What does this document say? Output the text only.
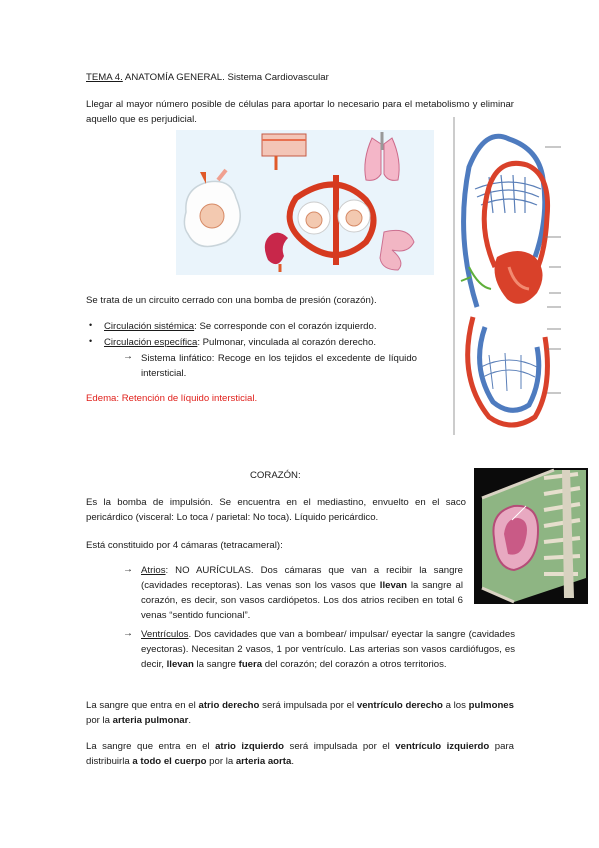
TEMA 4. ANATOMÍA GENERAL. Sistema Cardiovascular
Llegar al mayor número posible de células para aportar lo necesario para el metabolismo y eliminar aquello que es perjudicial.
Se trata de un circuito cerrado con una bomba de presión (corazón).
• Circulación sistémica: Se corresponde con el corazón izquierdo.
• Circulación específica: Pulmonar, vinculada al corazón derecho.
→ Sistema linfático: Recoge en los tejidos el excedente de líquido intersticial.
Edema: Retención de líquido intersticial.
CORAZÓN:
Es la bomba de impulsión. Se encuentra en el mediastino, envuelto en el saco pericárdico (visceral: Lo toca / parietal: No toca). Líquido pericárdico.
Está constituido por 4 cámaras (tetracameral):
→ Atrios: NO AURÍCULAS. Dos cámaras que van a recibir la sangre (cavidades receptoras). Las venas son los vasos que llevan la sangre al corazón, es decir, son vasos cardiópetos. Los dos atrios reciben en total 6 venas “sentido funcional”.
→ Ventrículos. Dos cavidades que van a bombear/ impulsar/ eyectar la sangre (cavidades eyectoras). Necesitan 2 vasos, 1 por ventrículo. Las arterias son vasos cardiófugos, es decir, llevan la sangre fuera del corazón; del corazón a otros territorios.
La sangre que entra en el atrio derecho será impulsada por el ventrículo derecho a los pulmones por la arteria pulmonar.
La sangre que entra en el atrio izquierdo será impulsada por el ventrículo izquierdo para distribuirla a todo el cuerpo por la arteria aorta.
